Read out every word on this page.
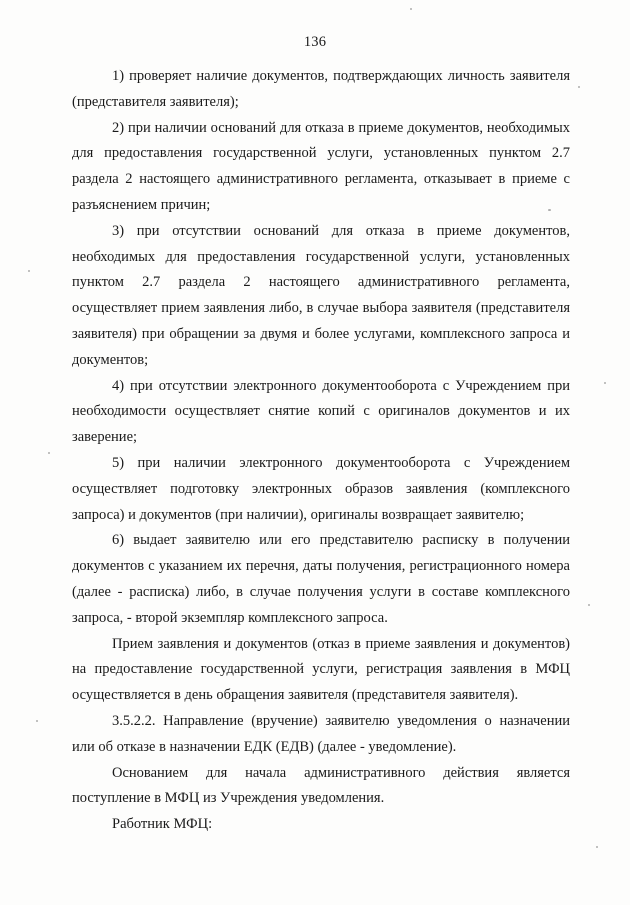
136

1) проверяет наличие документов, подтверждающих личность заявителя (представителя заявителя);

2) при наличии оснований для отказа в приеме документов, необходимых для предоставления государственной услуги, установленных пунктом 2.7 раздела 2 настоящего административного регламента, отказывает в приеме с разъяснением причин;

3) при отсутствии оснований для отказа в приеме документов, необходимых для предоставления государственной услуги, установленных пунктом 2.7 раздела 2 настоящего административного регламента, осуществляет прием заявления либо, в случае выбора заявителя (представителя заявителя) при обращении за двумя и более услугами, комплексного запроса и документов;

4) при отсутствии электронного документооборота с Учреждением при необходимости осуществляет снятие копий с оригиналов документов и их заверение;

5) при наличии электронного документооборота с Учреждением осуществляет подготовку электронных образов заявления (комплексного запроса) и документов (при наличии), оригиналы возвращает заявителю;

6) выдает заявителю или его представителю расписку в получении документов с указанием их перечня, даты получения, регистрационного номера (далее - расписка) либо, в случае получения услуги в составе комплексного запроса, - второй экземпляр комплексного запроса.

Прием заявления и документов (отказ в приеме заявления и документов) на предоставление государственной услуги, регистрация заявления в МФЦ осуществляется в день обращения заявителя (представителя заявителя).

3.5.2.2. Направление (вручение) заявителю уведомления о назначении или об отказе в назначении ЕДК (ЕДВ) (далее - уведомление).

Основанием для начала административного действия является поступление в МФЦ из Учреждения уведомления.

Работник МФЦ:
